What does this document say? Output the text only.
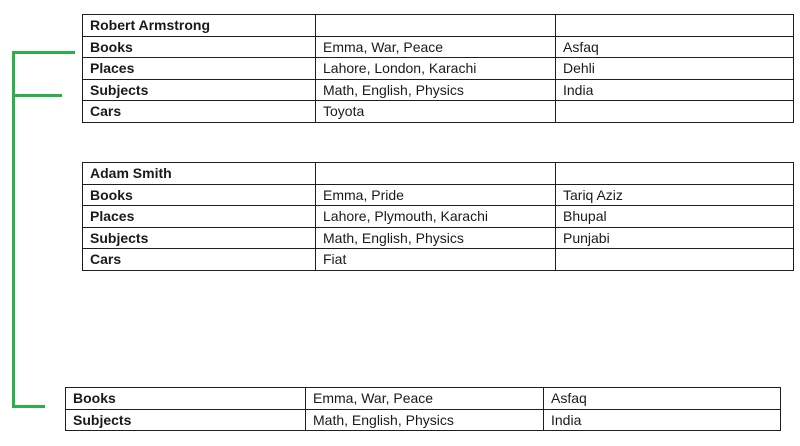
Robert Armstrong		
Books	Emma, War, Peace	Asfaq
Places	Lahore, London, Karachi	Dehli
Subjects	Math, English, Physics	India
Cars	Toyota	
Adam Smith		
Books	Emma, Pride	Tariq Aziz
Places	Lahore, Plymouth, Karachi	Bhupal
Subjects	Math, English, Physics	Punjabi
Cars	Fiat	
Books	Emma, War, Peace	Asfaq
Subjects	Math, English, Physics	India
